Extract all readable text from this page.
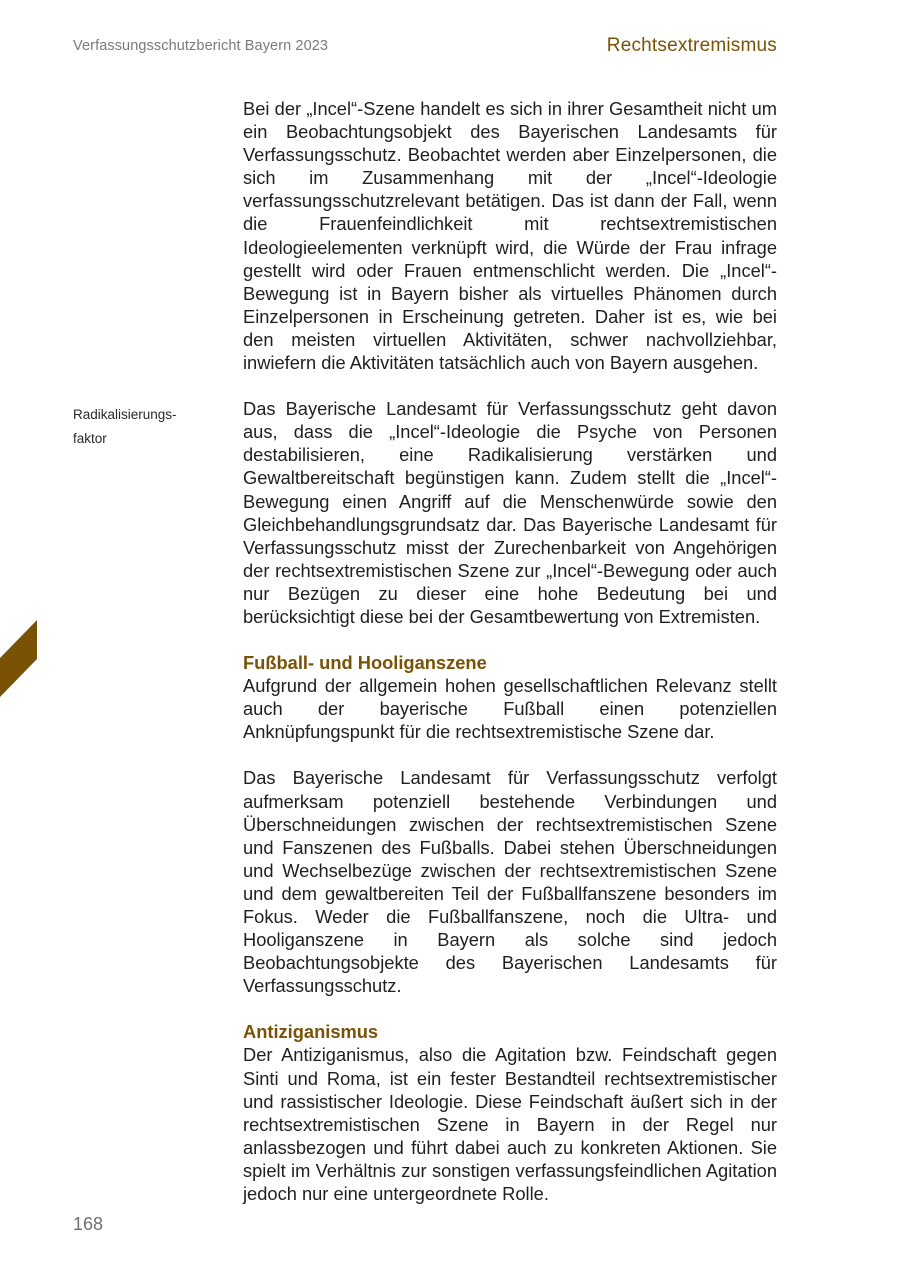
Verfassungsschutzbericht Bayern 2023	Rechtsextremismus
Radikalisierungs-
faktor

Bei der „Incel“-Szene handelt es sich in ihrer Gesamtheit nicht um ein Beobachtungsobjekt des Bayerischen Landesamts für Verfassungsschutz. Beobachtet werden aber Einzelpersonen, die sich im Zusammenhang mit der „Incel“-Ideologie verfassungsschutzrelevant betätigen. Das ist dann der Fall, wenn die Frauenfeindlichkeit mit rechtsextremistischen Ideologieelementen verknüpft wird, die Würde der Frau infrage gestellt wird oder Frauen entmenschlicht werden. Die „Incel“-Bewegung ist in Bayern bisher als virtuelles Phänomen durch Einzelpersonen in Erscheinung getreten. Daher ist es, wie bei den meisten virtuellen Aktivitäten, schwer nachvollziehbar, inwiefern die Aktivitäten tatsächlich auch von Bayern ausgehen.

Das Bayerische Landesamt für Verfassungsschutz geht davon aus, dass die „Incel“-Ideologie die Psyche von Personen destabilisieren, eine Radikalisierung verstärken und Gewaltbereitschaft begünstigen kann. Zudem stellt die „Incel“-Bewegung einen Angriff auf die Menschenwürde sowie den Gleichbehandlungsgrundsatz dar. Das Bayerische Landesamt für Verfassungsschutz misst der Zurechenbarkeit von Angehörigen der rechtsextremistischen Szene zur „Incel“-Bewegung oder auch nur Bezügen zu dieser eine hohe Bedeutung bei und berücksichtigt diese bei der Gesamtbewertung von Extremisten.

Fußball- und Hooliganszene

Aufgrund der allgemein hohen gesellschaftlichen Relevanz stellt auch der bayerische Fußball einen potenziellen Anknüpfungspunkt für die rechtsextremistische Szene dar.

Das Bayerische Landesamt für Verfassungsschutz verfolgt aufmerksam potenziell bestehende Verbindungen und Überschneidungen zwischen der rechtsextremistischen Szene und Fanszenen des Fußballs. Dabei stehen Überschneidungen und Wechselbezüge zwischen der rechtsextremistischen Szene und dem gewaltbereiten Teil der Fußballfanszene besonders im Fokus. Weder die Fußballfanszene, noch die Ultra- und Hooliganszene in Bayern als solche sind jedoch Beobachtungsobjekte des Bayerischen Landesamts für Verfassungsschutz.

Antiziganismus

Der Antiziganismus, also die Agitation bzw. Feindschaft gegen Sinti und Roma, ist ein fester Bestandteil rechtsextremistischer und rassistischer Ideologie. Diese Feindschaft äußert sich in der rechtsextremistischen Szene in Bayern in der Regel nur anlassbezogen und führt dabei auch zu konkreten Aktionen. Sie spielt im Verhältnis zur sonstigen verfassungsfeindlichen Agitation jedoch nur eine untergeordnete Rolle.

168
